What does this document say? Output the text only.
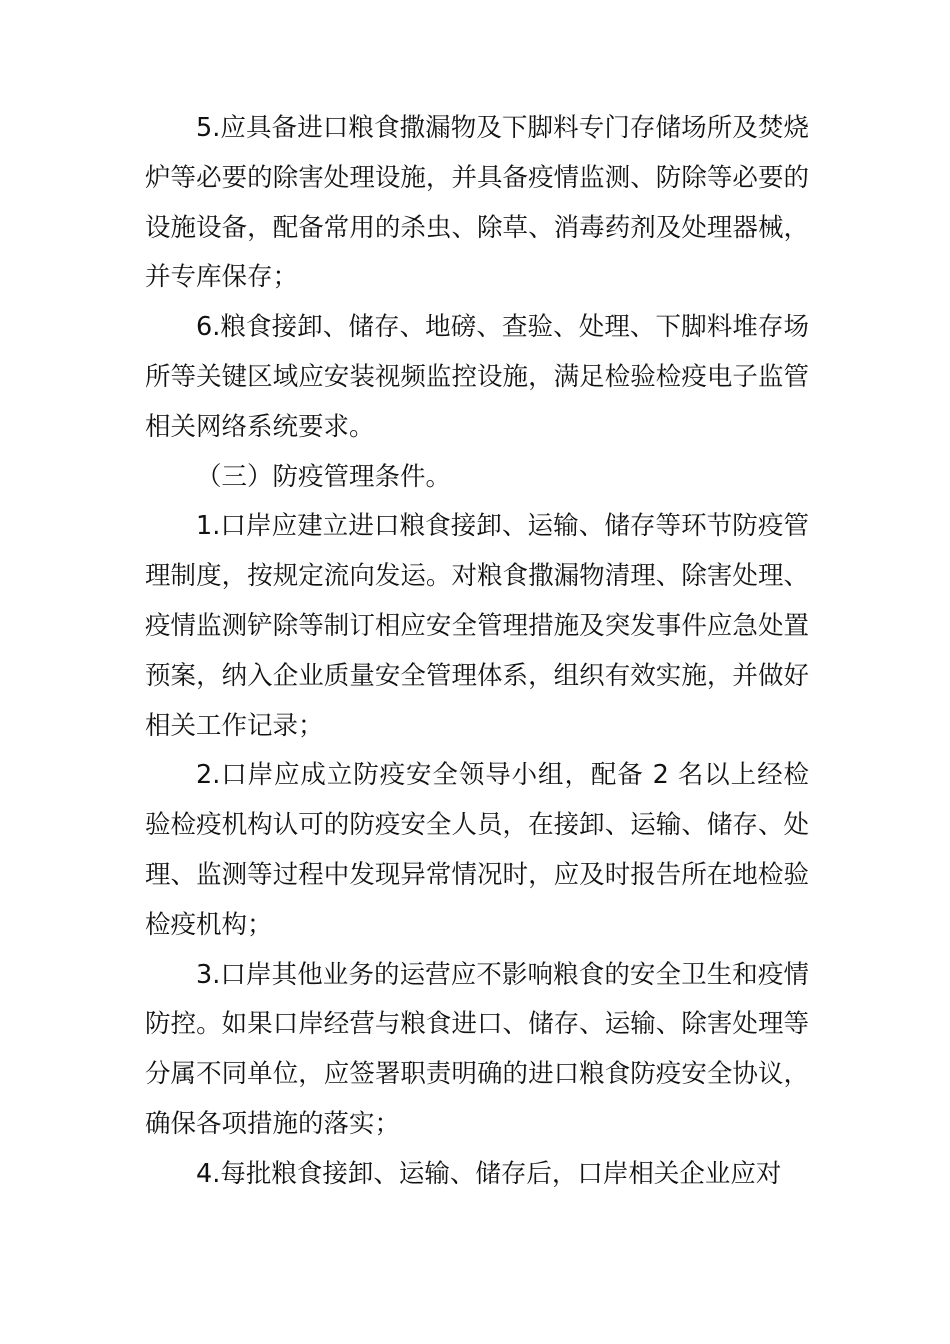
5.应具备进口粮食撒漏物及下脚料专门存储场所及焚烧炉等必要的除害处理设施，并具备疫情监测、防除等必要的设施设备，配备常用的杀虫、除草、消毒药剂及处理器械，并专库保存；

6.粮食接卸、储存、地磅、查验、处理、下脚料堆存场所等关键区域应安装视频监控设施，满足检验检疫电子监管相关网络系统要求。

（三）防疫管理条件。

1.口岸应建立进口粮食接卸、运输、储存等环节防疫管理制度，按规定流向发运。对粮食撒漏物清理、除害处理、疫情监测铲除等制订相应安全管理措施及突发事件应急处置预案，纳入企业质量安全管理体系，组织有效实施，并做好相关工作记录；

2.口岸应成立防疫安全领导小组，配备 2 名以上经检验检疫机构认可的防疫安全人员，在接卸、运输、储存、处理、监测等过程中发现异常情况时，应及时报告所在地检验检疫机构；

3.口岸其他业务的运营应不影响粮食的安全卫生和疫情防控。如果口岸经营与粮食进口、储存、运输、除害处理等分属不同单位，应签署职责明确的进口粮食防疫安全协议，确保各项措施的落实；

4.每批粮食接卸、运输、储存后，口岸相关企业应对
